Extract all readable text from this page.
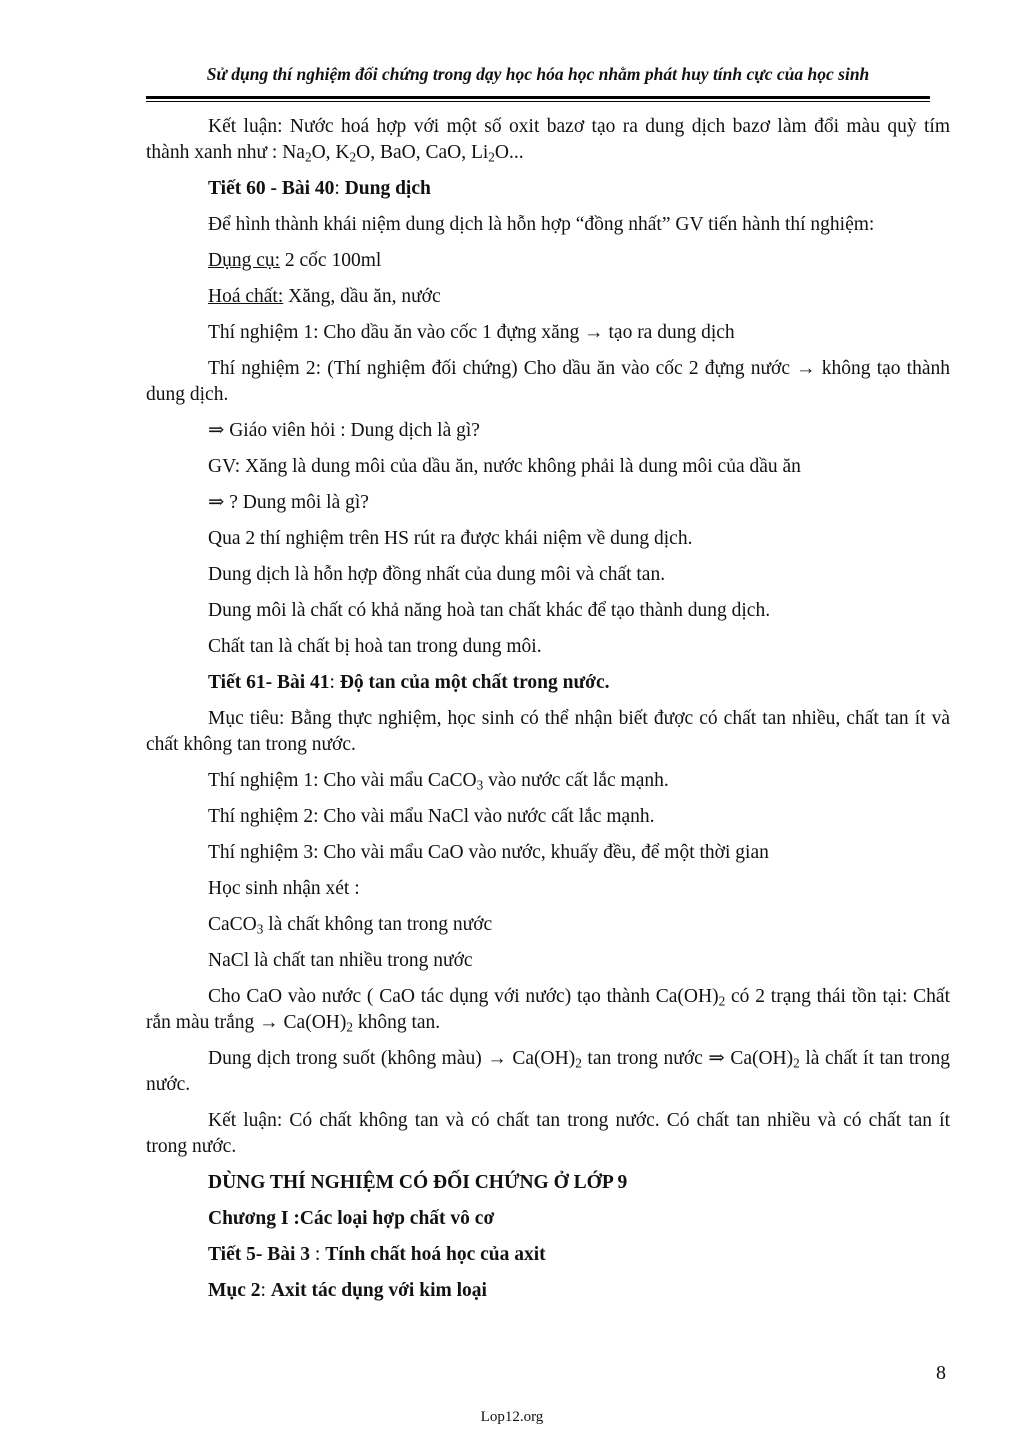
Sử dụng thí nghiệm đối chứng trong dạy học hóa học nhằm phát huy tính cực của học sinh

Kết luận: Nước hoá hợp với một số oxit bazơ tạo ra dung dịch bazơ làm đổi màu quỳ tím thành xanh như : $Na_2O$, $K_2O$, BaO, CaO, $Li_2O$...

Tiết 60 - Bài 40: Dung dịch

Để hình thành khái niệm dung dịch là hỗn hợp “đồng nhất” GV tiến hành thí nghiệm:

Dụng cụ: 2 cốc 100ml

Hoá chất: Xăng, dầu ăn, nước

Thí nghiệm 1: Cho dầu ăn vào cốc 1 đựng xăng → tạo ra dung dịch

Thí nghiệm 2: (Thí nghiệm đối chứng) Cho dầu ăn vào cốc 2 đựng nước → không tạo thành dung dịch.

⇒ Giáo viên hỏi : Dung dịch là gì?

GV: Xăng là dung môi của dầu ăn, nước không phải là dung môi của dầu ăn

⇒ ? Dung môi là gì?

Qua 2 thí nghiệm trên HS rút ra được khái niệm về dung dịch.

Dung dịch là hỗn hợp đồng nhất của dung môi và chất tan.

Dung môi là chất có khả năng hoà tan chất khác để tạo thành dung dịch.

Chất tan là chất bị hoà tan trong dung môi.

Tiết 61- Bài 41: Độ tan của một chất trong nước.

Mục tiêu: Bằng thực nghiệm, học sinh có thể nhận biết được có chất tan nhiều, chất tan ít và chất không tan trong nước.

Thí nghiệm 1: Cho vài mẩu CaCO$_3$ vào nước cất lắc mạnh.

Thí nghiệm 2: Cho vài mẩu NaCl vào nước cất lắc mạnh.

Thí nghiệm 3: Cho vài mẩu CaO vào nước, khuấy đều, để một thời gian

Học sinh nhận xét :

CaCO$_3$ là chất không tan trong nước

NaCl là chất tan nhiều trong nước

Cho CaO vào nước ( CaO tác dụng với nước) tạo thành $Ca(OH)_2$ có 2 trạng thái tồn tại: Chất rắn màu trắng → $Ca(OH)_2$ không tan.

Dung dịch trong suốt (không màu) → $Ca(OH)_2$ tan trong nước ⇒ $Ca(OH)_2$ là chất ít tan trong nước.

Kết luận: Có chất không tan và có chất tan trong nước. Có chất tan nhiều và có chất tan ít trong nước.

DÙNG THÍ NGHIỆM CÓ ĐỐI CHỨNG Ở LỚP 9

Chương I :Các loại hợp chất vô cơ

Tiết 5- Bài 3 : Tính chất hoá học của axit

Mục 2: Axit tác dụng với kim loại

8
Lop12.org
